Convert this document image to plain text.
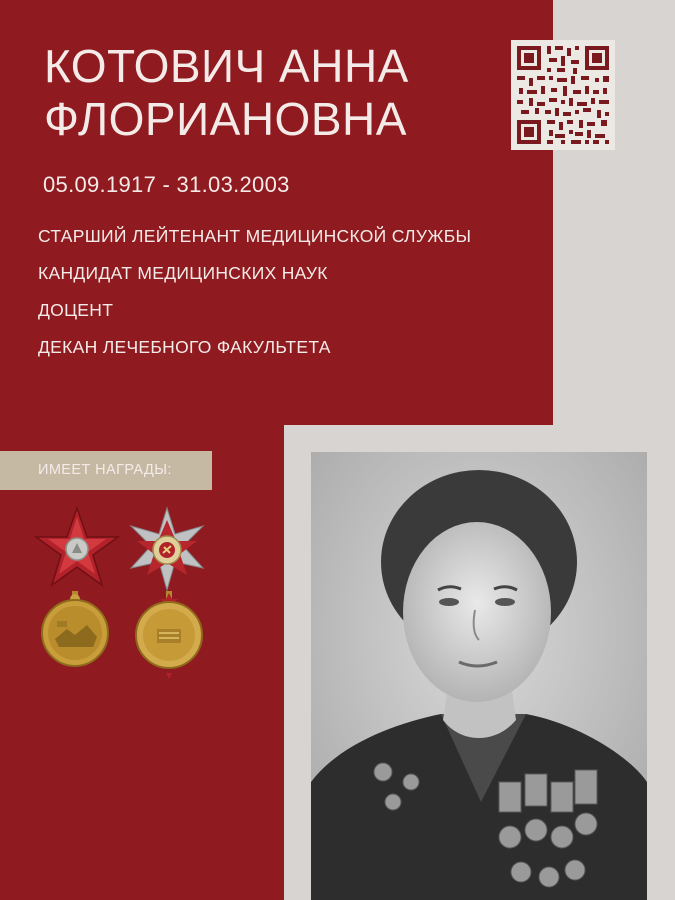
КОТОВИЧ АННА
ФЛОРИАНОВНА
05.09.1917 - 31.03.2003
СТАРШИЙ ЛЕЙТЕНАНТ МЕДИЦИНСКОЙ СЛУЖБЫ
КАНДИДАТ МЕДИЦИНСКИХ НАУК
ДОЦЕНТ
ДЕКАН ЛЕЧЕБНОГО ФАКУЛЬТЕТА
ИМЕЕТ НАГРАДЫ:
